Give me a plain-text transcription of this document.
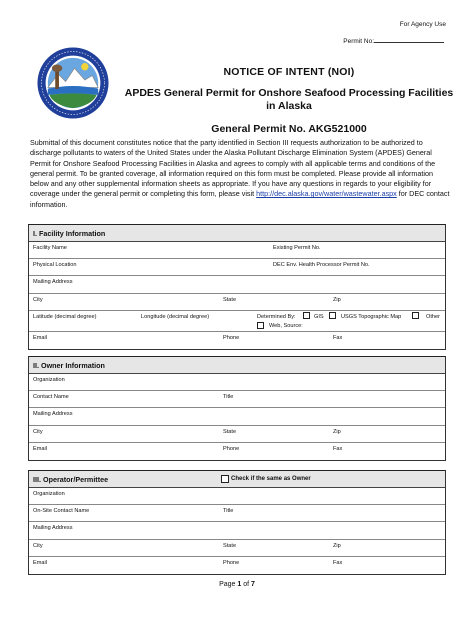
For Agency Use
Permit No:
NOTICE OF INTENT (NOI)
APDES General Permit for Onshore Seafood Processing Facilities in Alaska
General Permit No. AKG521000
Submittal of this document constitutes notice that the party identified in Section III requests authorization to be authorized to discharge pollutants to waters of the United States under the Alaska Pollutant Discharge Elimination System (APDES) General Permit for Onshore Seafood Processing Facilities in Alaska and agrees to comply with all applicable terms and conditions of the general permit. To be granted coverage, all information required on this form must be completed. Please provide all information below and any other supplemental information sheets as appropriate. If you have any questions in regards to your eligibility for coverage under the general permit or completing this form, please visit http://dec.alaska.gov/water/wastewater.aspx for DEC contact information.
I. Facility Information
Facility Name	Existing Permit No.
Physical Location	DEC Env. Health Processor Permit No.
Mailing Address
City	State	Zip
Latitude (decimal degree)	Longitude (decimal degree)	Determined By:	GIS	USGS Topographic Map	Other
Web, Source:
Email	Phone	Fax
II. Owner Information
Organization
Contact Name	Title
Mailing Address
City	State	Zip
Email	Phone	Fax
III. Operator/Permittee	Check if the same as Owner
Organization
On-Site Contact Name	Title
Mailing Address
City	State	Zip
Email	Phone	Fax
Page 1 of 7
